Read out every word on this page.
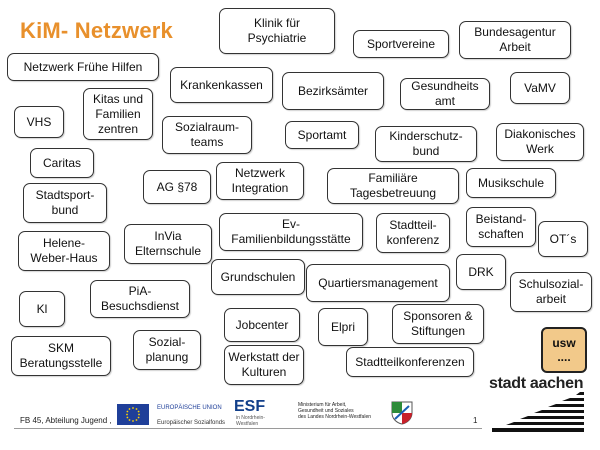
KiM- Netzwerk
Netzwerk Frühe Hilfen
Klinik für
Psychiatrie	Sportvereine
Bundesagentur
Arbeit
Krankenkassen	Bezirksämter	Gesundheits
amt
VaMV
VHS
Kitas und
Familien
zentren	Sozialraum-
teams
Sportamt	Kinderschutz-
bund
Diakonisches
Werk
Caritas
Netzwerk
Integration
Familiäre
Tagesbetreuung
Musikschule
Stadtsport-
bund
AG §78
Ev-
Familienbildungsstätte
Stadtteil-
konferenz
Beistand-
schaften	OT´s
Helene-
Weber-Haus
InVia
Elternschule
Grundschulen	Quartiersmanagement
DRK
Schulsozial-
arbeit
Kl
PiA-
Besuchsdienst
Jobcenter	Elpri
Sponsoren &
Stiftungen
SKM
Beratungsstelle
Sozial-
planung	Werkstatt der
Kulturen
Stadtteilkonferenzen
usw
....
FB 45, Abteilung Jugend ,	1
EUROPÄISCHE UNION
Europäischer Sozialfonds
ESF
in Nordrhein-
Westfalen
Ministerium für Arbeit,
Gesundheit und Soziales
des Landes Nordrhein-Westfalen
stadt aachen
